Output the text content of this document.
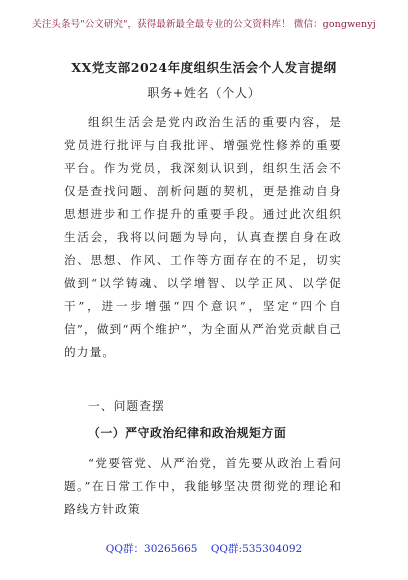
关注头条号"公文研究"，获得最新最全最专业的公文资料库！ 微信：gongwenyj
XX党支部2024年度组织生活会个人发言提纲
职务+姓名（个人）
组织生活会是党内政治生活的重要内容，是党员进行批评与自我批评、增强党性修养的重要平台。作为党员，我深刻认识到，组织生活会不仅是查找问题、剖析问题的契机，更是推动自身思想进步和工作提升的重要手段。通过此次组织生活会，我将以问题为导向，认真查摆自身在政治、思想、作风、工作等方面存在的不足，切实做到“以学铸魂、以学增智、以学正风、以学促干”，进一步增强“四个意识”，坚定“四个自信”，做到“两个维护”，为全面从严治党贡献自己的力量。
一、问题查摆
（一）严守政治纪律和政治规矩方面
“党要管党、从严治党，首先要从政治上看问题。”在日常工作中，我能够坚决贯彻党的理论和路线方针政策
QQ群：30265665 QQ群:535304092
